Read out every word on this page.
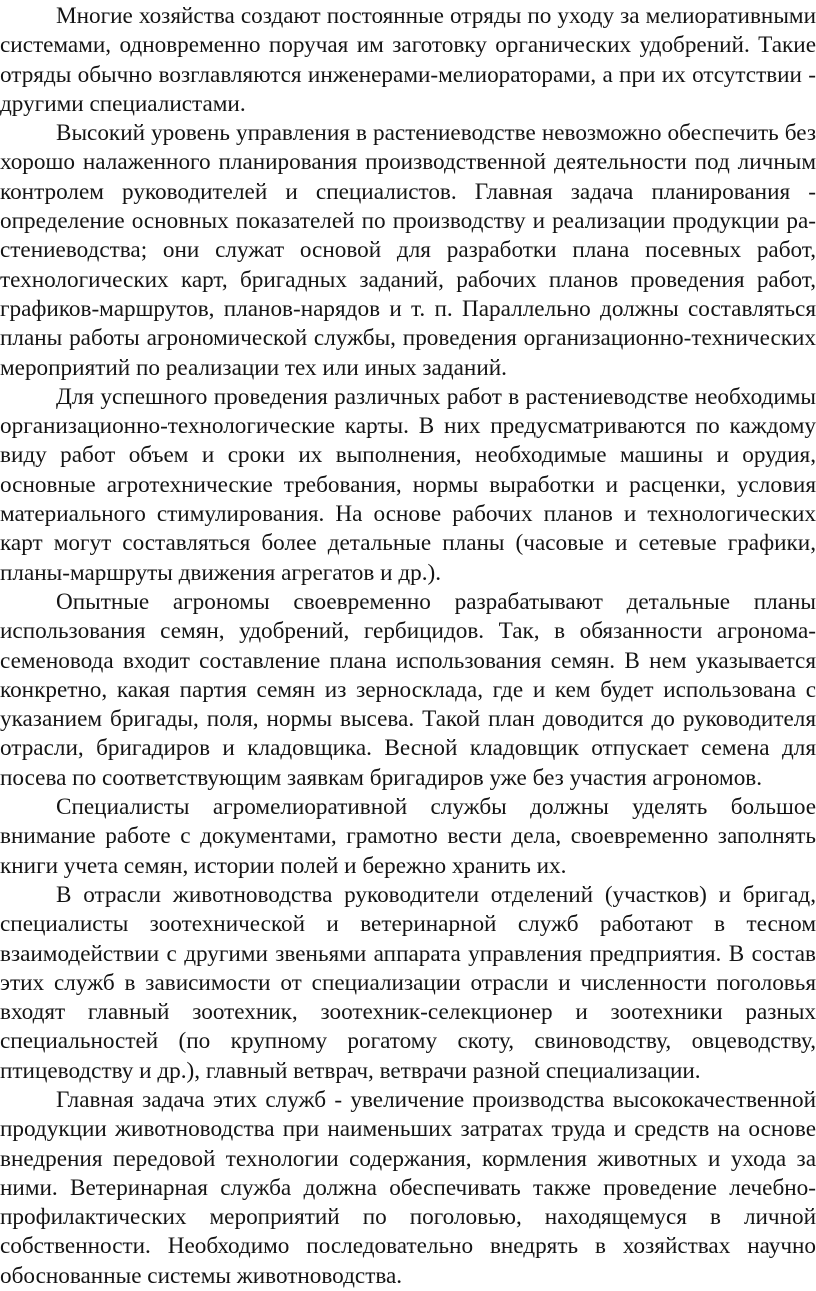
Многие хозяйства создают постоянные отряды по уходу за мелиоративными системами, одновременно поручая им заготовку органических удобрений. Такие отряды обычно возглавляются инженерами-мелиораторами, а при их отсутствии - другими специалистами.

Высокий уровень управления в растениеводстве невозможно обеспечить без хорошо налаженного планирования производственной деятельности под личным контролем руководителей и специалистов. Главная задача планирования - определение основных показателей по производству и реализации продукции растениеводства; они служат основой для разработки плана посевных работ, технологических карт, бригадных заданий, рабочих планов проведения работ, графиков-маршрутов, планов-нарядов и т. п. Параллельно должны составляться планы работы агрономической службы, проведения организационно-технических мероприятий по реализации тех или иных заданий.

Для успешного проведения различных работ в растениеводстве необходимы организационно-технологические карты. В них предусматриваются по каждому виду работ объем и сроки их выполнения, необходимые машины и орудия, основные агротехнические требования, нормы выработки и расценки, условия материального стимулирования. На основе рабочих планов и технологических карт могут составляться более детальные планы (часовые и сетевые графики, планы-маршруты движения агрегатов и др.).

Опытные агрономы своевременно разрабатывают детальные планы использования семян, удобрений, гербицидов. Так, в обязанности агронома-семеновода входит составление плана использования семян. В нем указывается конкретно, какая партия семян из зерносклада, где и кем будет использована с указанием бригады, поля, нормы высева. Такой план доводится до руководителя отрасли, бригадиров и кладовщика. Весной кладовщик отпускает семена для посева по соответствующим заявкам бригадиров уже без участия агрономов.

Специалисты агромелиоративной службы должны уделять большое внимание работе с документами, грамотно вести дела, своевременно заполнять книги учета семян, истории полей и бережно хранить их.

В отрасли животноводства руководители отделений (участков) и бригад, специалисты зоотехнической и ветеринарной служб работают в тесном взаимодействии с другими звеньями аппарата управления предприятия. В состав этих служб в зависимости от специализации отрасли и численности поголовья входят главный зоотехник, зоотехник-селекционер и зоотехники разных специальностей (по крупному рогатому скоту, свиноводству, овцеводству, птицеводству и др.), главный ветврач, ветврачи разной специализации.

Главная задача этих служб - увеличение производства высококачественной продукции животноводства при наименьших затратах труда и средств на основе внедрения передовой технологии содержания, кормления животных и ухода за ними. Ветеринарная служба должна обеспечивать также проведение лечебно-профилактических мероприятий по поголовью, находящемуся в личной собственности. Необходимо последовательно внедрять в хозяйствах научно обоснованные системы животноводства.
